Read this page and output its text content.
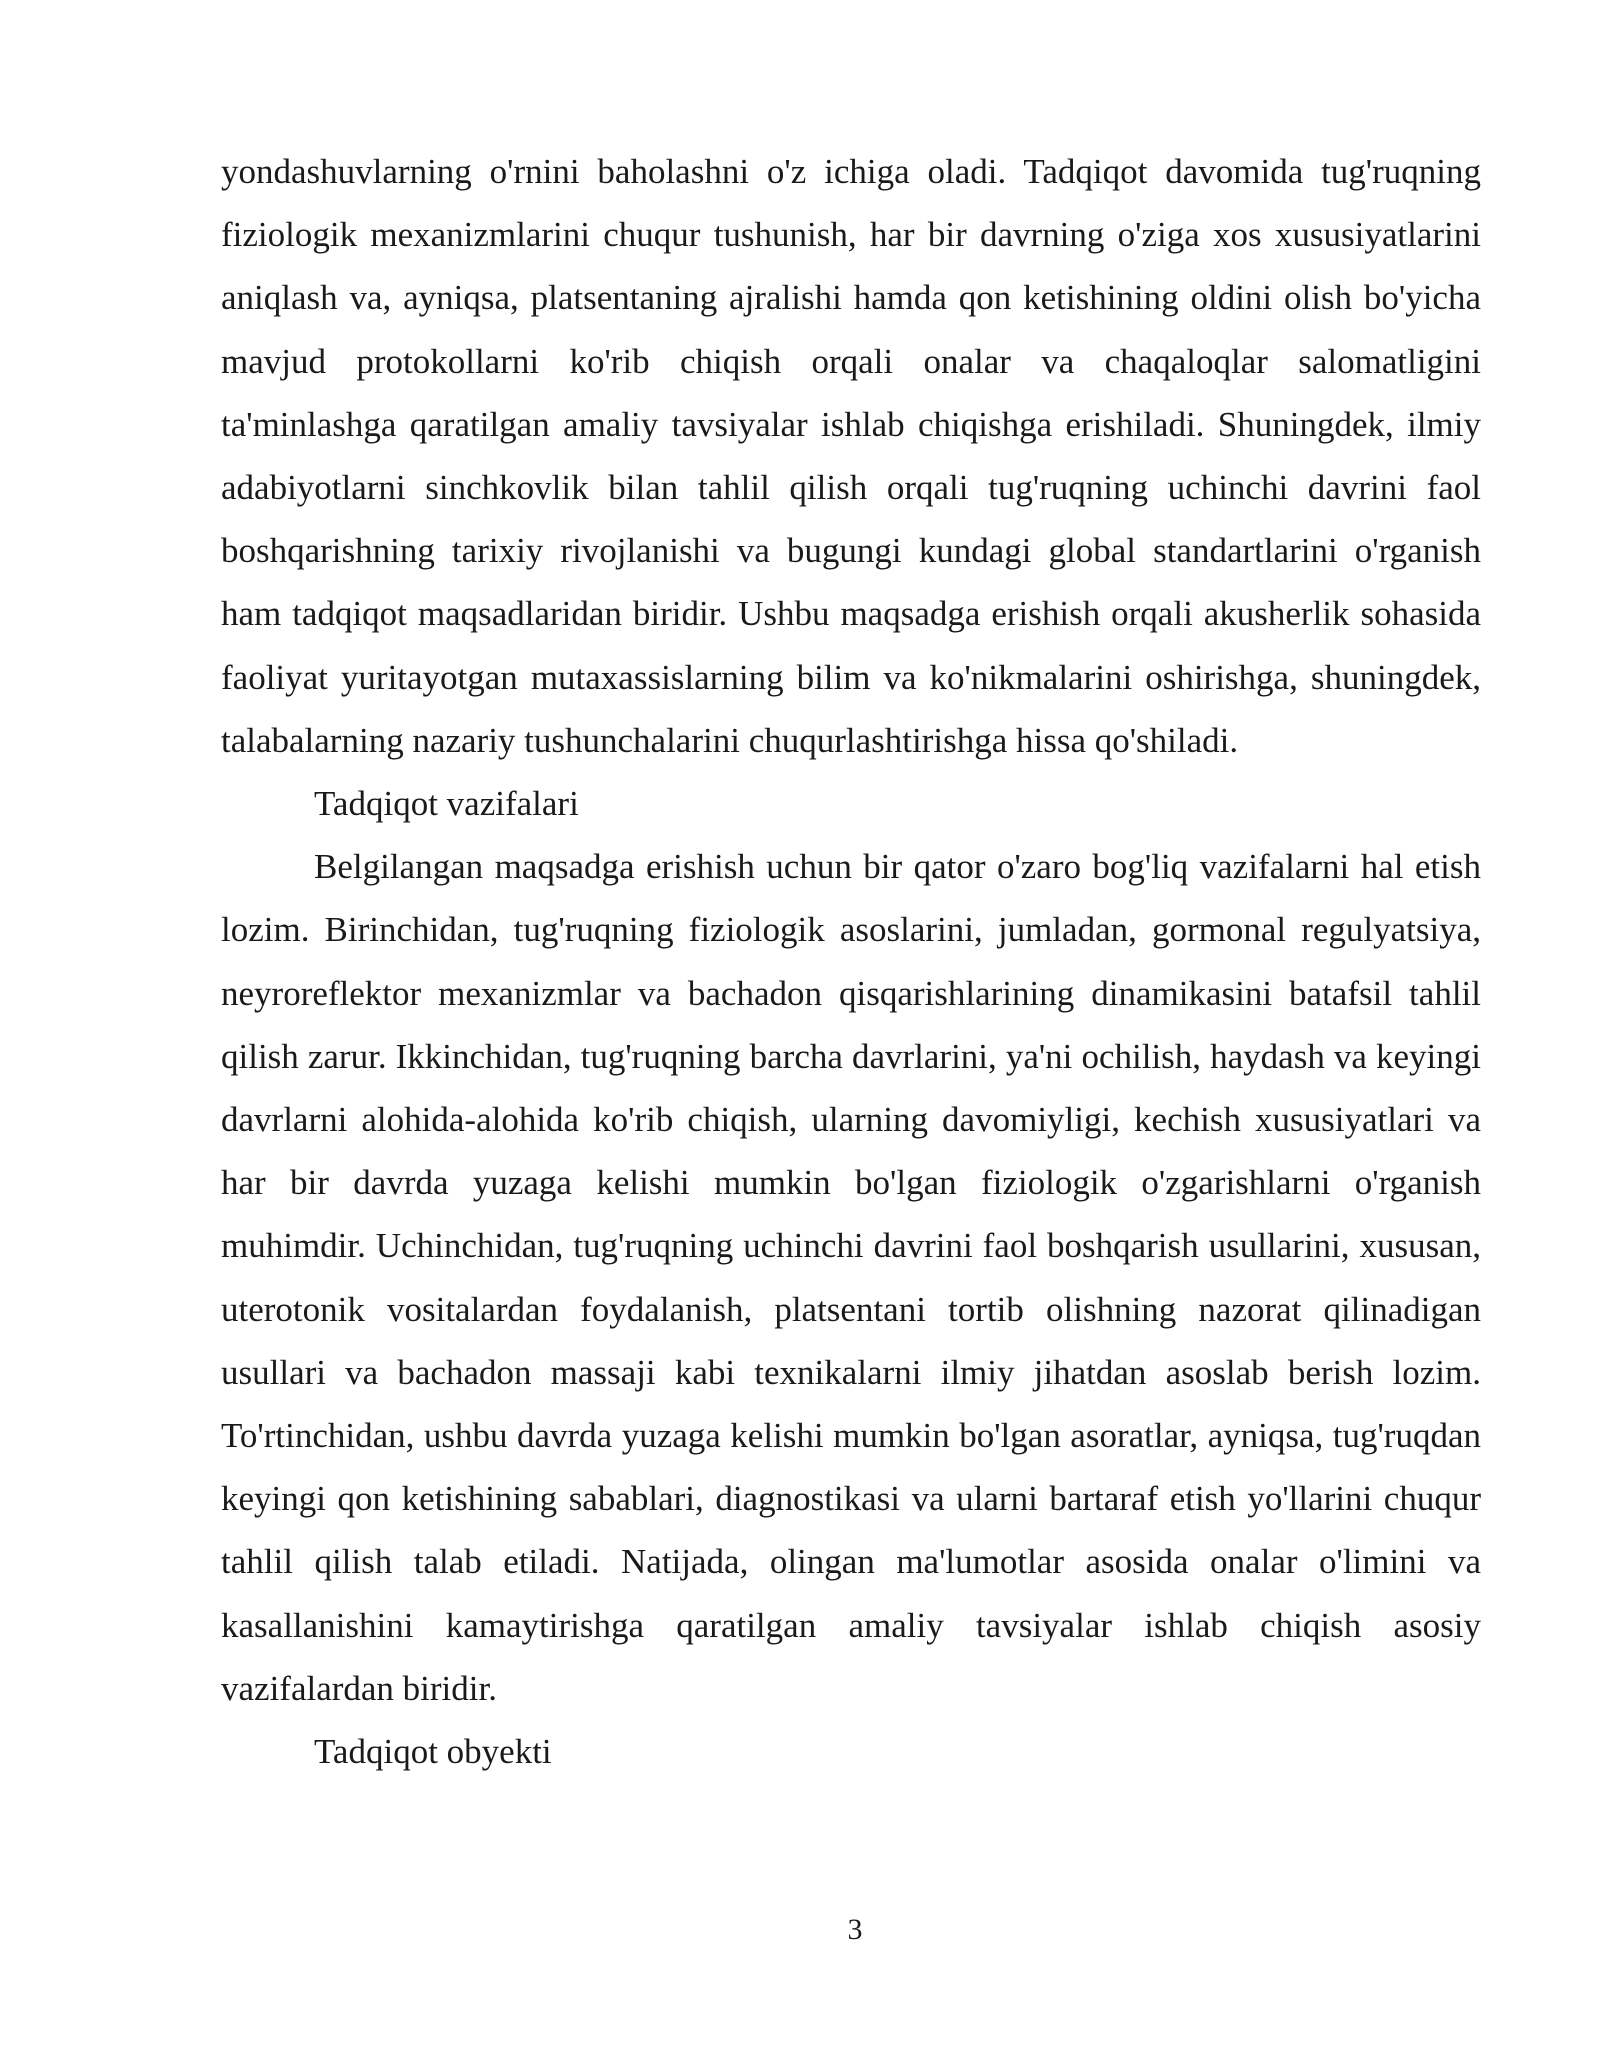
yondashuvlarning o'rnini baholashni o'z ichiga oladi. Tadqiqot davomida tug'ruqning fiziologik mexanizmlarini chuqur tushunish, har bir davrning o'ziga xos xususiyatlarini aniqlash va, ayniqsa, platsentaning ajralishi hamda qon ketishining oldini olish bo'yicha mavjud protokollarni ko'rib chiqish orqali onalar va chaqaloqlar salomatligini ta'minlashga qaratilgan amaliy tavsiyalar ishlab chiqishga erishiladi. Shuningdek, ilmiy adabiyotlarni sinchkovlik bilan tahlil qilish orqali tug'ruqning uchinchi davrini faol boshqarishning tarixiy rivojlanishi va bugungi kundagi global standartlarini o'rganish ham tadqiqot maqsadlaridan biridir. Ushbu maqsadga erishish orqali akusherlik sohasida faoliyat yuritayotgan mutaxassislarning bilim va ko'nikmalarini oshirishga, shuningdek, talabalarning nazariy tushunchalarini chuqurlashtirishga hissa qo'shiladi.

Tadqiqot vazifalari

Belgilangan maqsadga erishish uchun bir qator o'zaro bog'liq vazifalarni hal etish lozim. Birinchidan, tug'ruqning fiziologik asoslarini, jumladan, gormonal regulyatsiya, neyroreflektor mexanizmlar va bachadon qisqarishlarining dinamikasini batafsil tahlil qilish zarur. Ikkinchidan, tug'ruqning barcha davrlarini, ya'ni ochilish, haydash va keyingi davrlarni alohida-alohida ko'rib chiqish, ularning davomiyligi, kechish xususiyatlari va har bir davrda yuzaga kelishi mumkin bo'lgan fiziologik o'zgarishlarni o'rganish muhimdir. Uchinchidan, tug'ruqning uchinchi davrini faol boshqarish usullarini, xususan, uterotonik vositalardan foydalanish, platsentani tortib olishning nazorat qilinadigan usullari va bachadon massaji kabi texnikalarni ilmiy jihatdan asoslab berish lozim. To'rtinchidan, ushbu davrda yuzaga kelishi mumkin bo'lgan asoratlar, ayniqsa, tug'ruqdan keyingi qon ketishining sabablari, diagnostikasi va ularni bartaraf etish yo'llarini chuqur tahlil qilish talab etiladi. Natijada, olingan ma'lumotlar asosida onalar o'limini va kasallanishini kamaytirishga qaratilgan amaliy tavsiyalar ishlab chiqish asosiy vazifalardan biridir.

Tadqiqot obyekti

3
